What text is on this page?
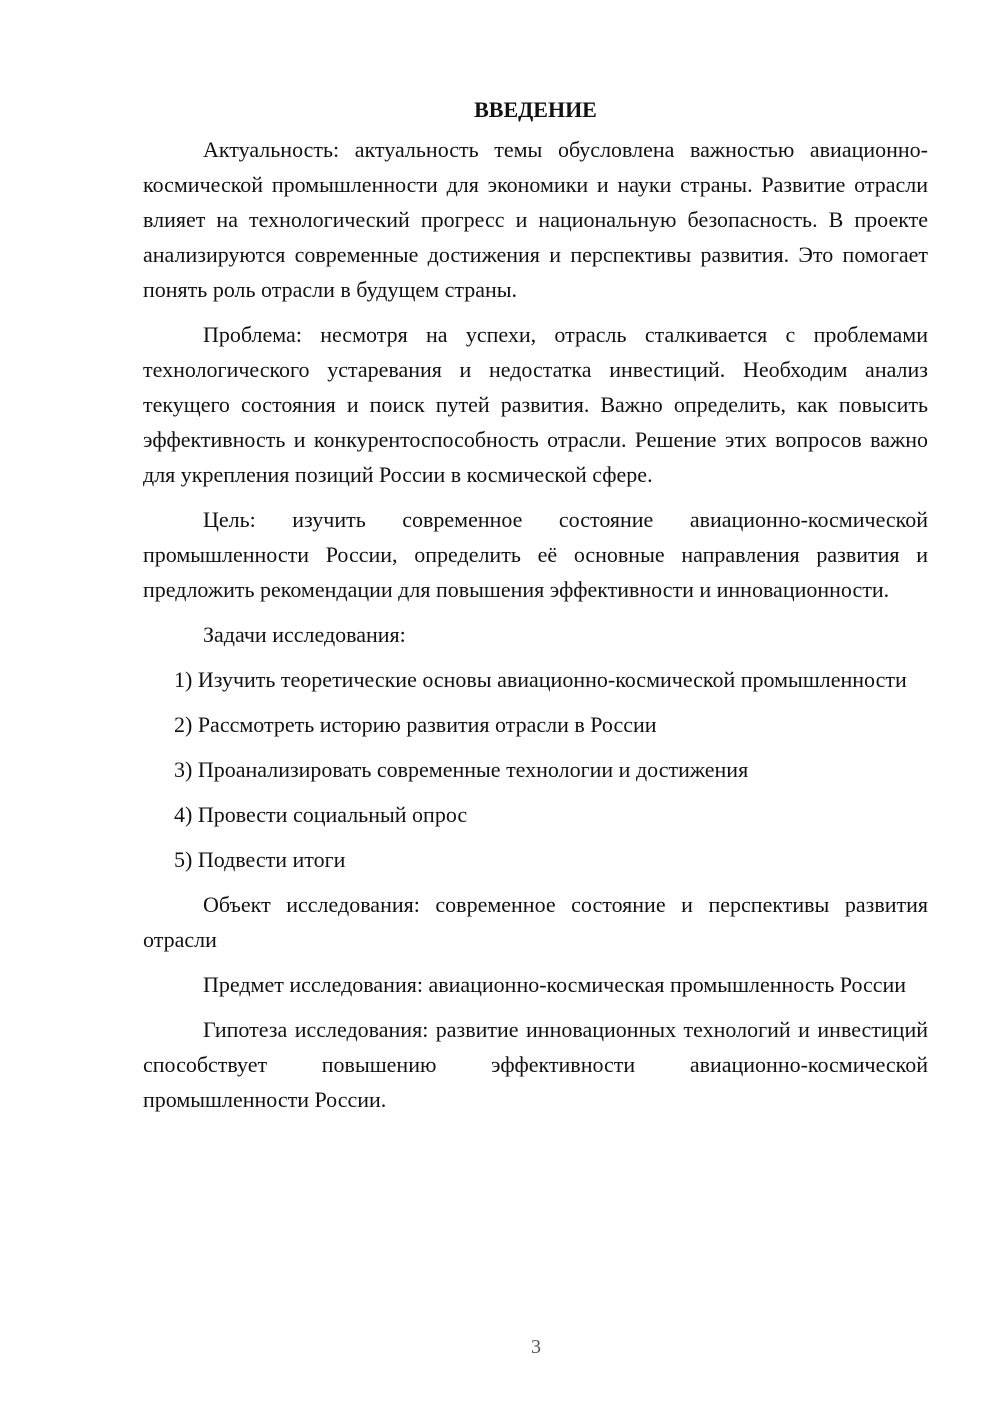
ВВЕДЕНИЕ

Актуальность: актуальность темы обусловлена важностью авиационно-космической промышленности для экономики и науки страны. Развитие отрасли влияет на технологический прогресс и национальную безопасность. В проекте анализируются современные достижения и перспективы развития. Это помогает понять роль отрасли в будущем страны.

Проблема: несмотря на успехи, отрасль сталкивается с проблемами технологического устаревания и недостатка инвестиций. Необходим анализ текущего состояния и поиск путей развития. Важно определить, как повысить эффективность и конкурентоспособность отрасли. Решение этих вопросов важно для укрепления позиций России в космической сфере.

Цель: изучить современное состояние авиационно-космической промышленности России, определить её основные направления развития и предложить рекомендации для повышения эффективности и инновационности.

Задачи исследования:

1) Изучить теоретические основы авиационно-космической промышленности
2) Рассмотреть историю развития отрасли в России
3) Проанализировать современные технологии и достижения
4) Провести социальный опрос
5) Подвести итоги

Объект исследования: современное состояние и перспективы развития отрасли

Предмет исследования: авиационно-космическая промышленность России

Гипотеза исследования: развитие инновационных технологий и инвестиций способствует повышению эффективности авиационно-космической промышленности России.

3
